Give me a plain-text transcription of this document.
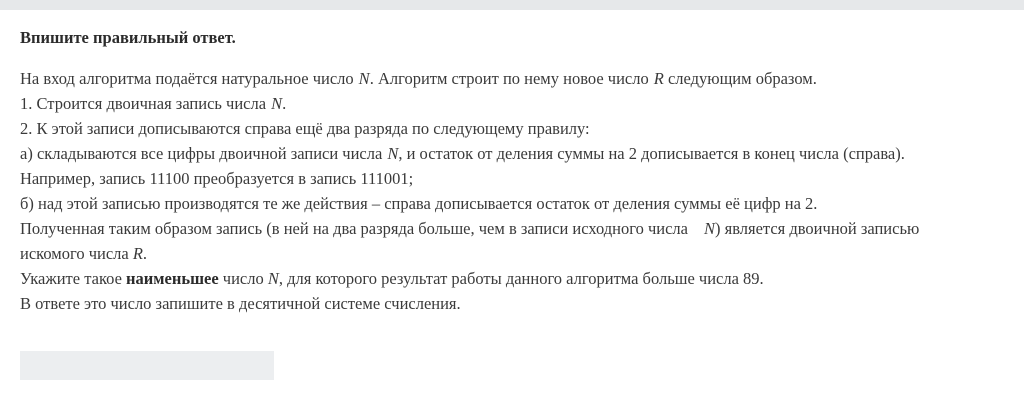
Впишите правильный ответ.
На вход алгоритма подаётся натуральное число N. Алгоритм строит по нему новое число R следующим образом.
1. Строится двоичная запись числа N.
2. К этой записи дописываются справа ещё два разряда по следующему правилу:
а) складываются все цифры двоичной записи числа N, и остаток от деления суммы на 2 дописывается в конец числа (справа).
Например, запись 11100 преобразуется в запись 111001;
б) над этой записью производятся те же действия – справа дописывается остаток от деления суммы её цифр на 2.
Полученная таким образом запись (в ней на два разряда больше, чем в записи исходного числа N) является двоичной записью
искомого числа R.
Укажите такое наименьшее число N, для которого результат работы данного алгоритма больше числа 89.
В ответе это число запишите в десятичной системе счисления.
